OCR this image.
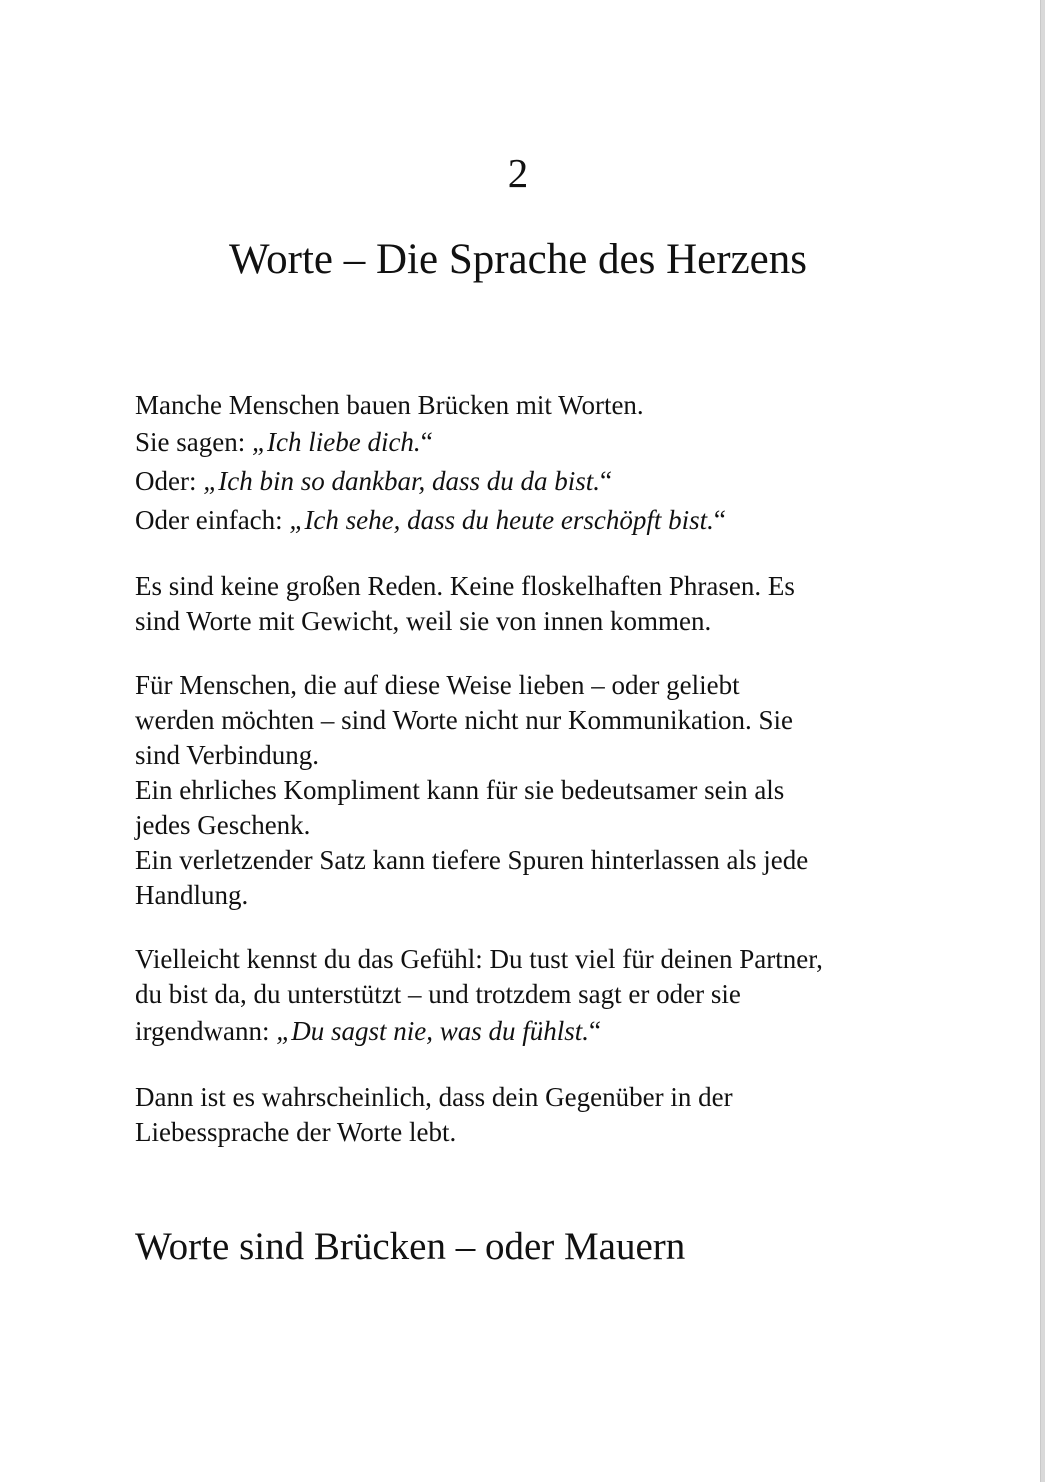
2
Worte – Die Sprache des Herzens

Manche Menschen bauen Brücken mit Worten.
Sie sagen: „Ich liebe dich.“
Oder: „Ich bin so dankbar, dass du da bist.“
Oder einfach: „Ich sehe, dass du heute erschöpft bist.“

Es sind keine großen Reden. Keine floskelhaften Phrasen. Es
sind Worte mit Gewicht, weil sie von innen kommen.

Für Menschen, die auf diese Weise lieben – oder geliebt
werden möchten – sind Worte nicht nur Kommunikation. Sie
sind Verbindung.
Ein ehrliches Kompliment kann für sie bedeutsamer sein als
jedes Geschenk.
Ein verletzender Satz kann tiefere Spuren hinterlassen als jede
Handlung.

Vielleicht kennst du das Gefühl: Du tust viel für deinen Partner,
du bist da, du unterstützt – und trotzdem sagt er oder sie
irgendwann: „Du sagst nie, was du fühlst.“

Dann ist es wahrscheinlich, dass dein Gegenüber in der
Liebessprache der Worte lebt.

Worte sind Brücken – oder Mauern
